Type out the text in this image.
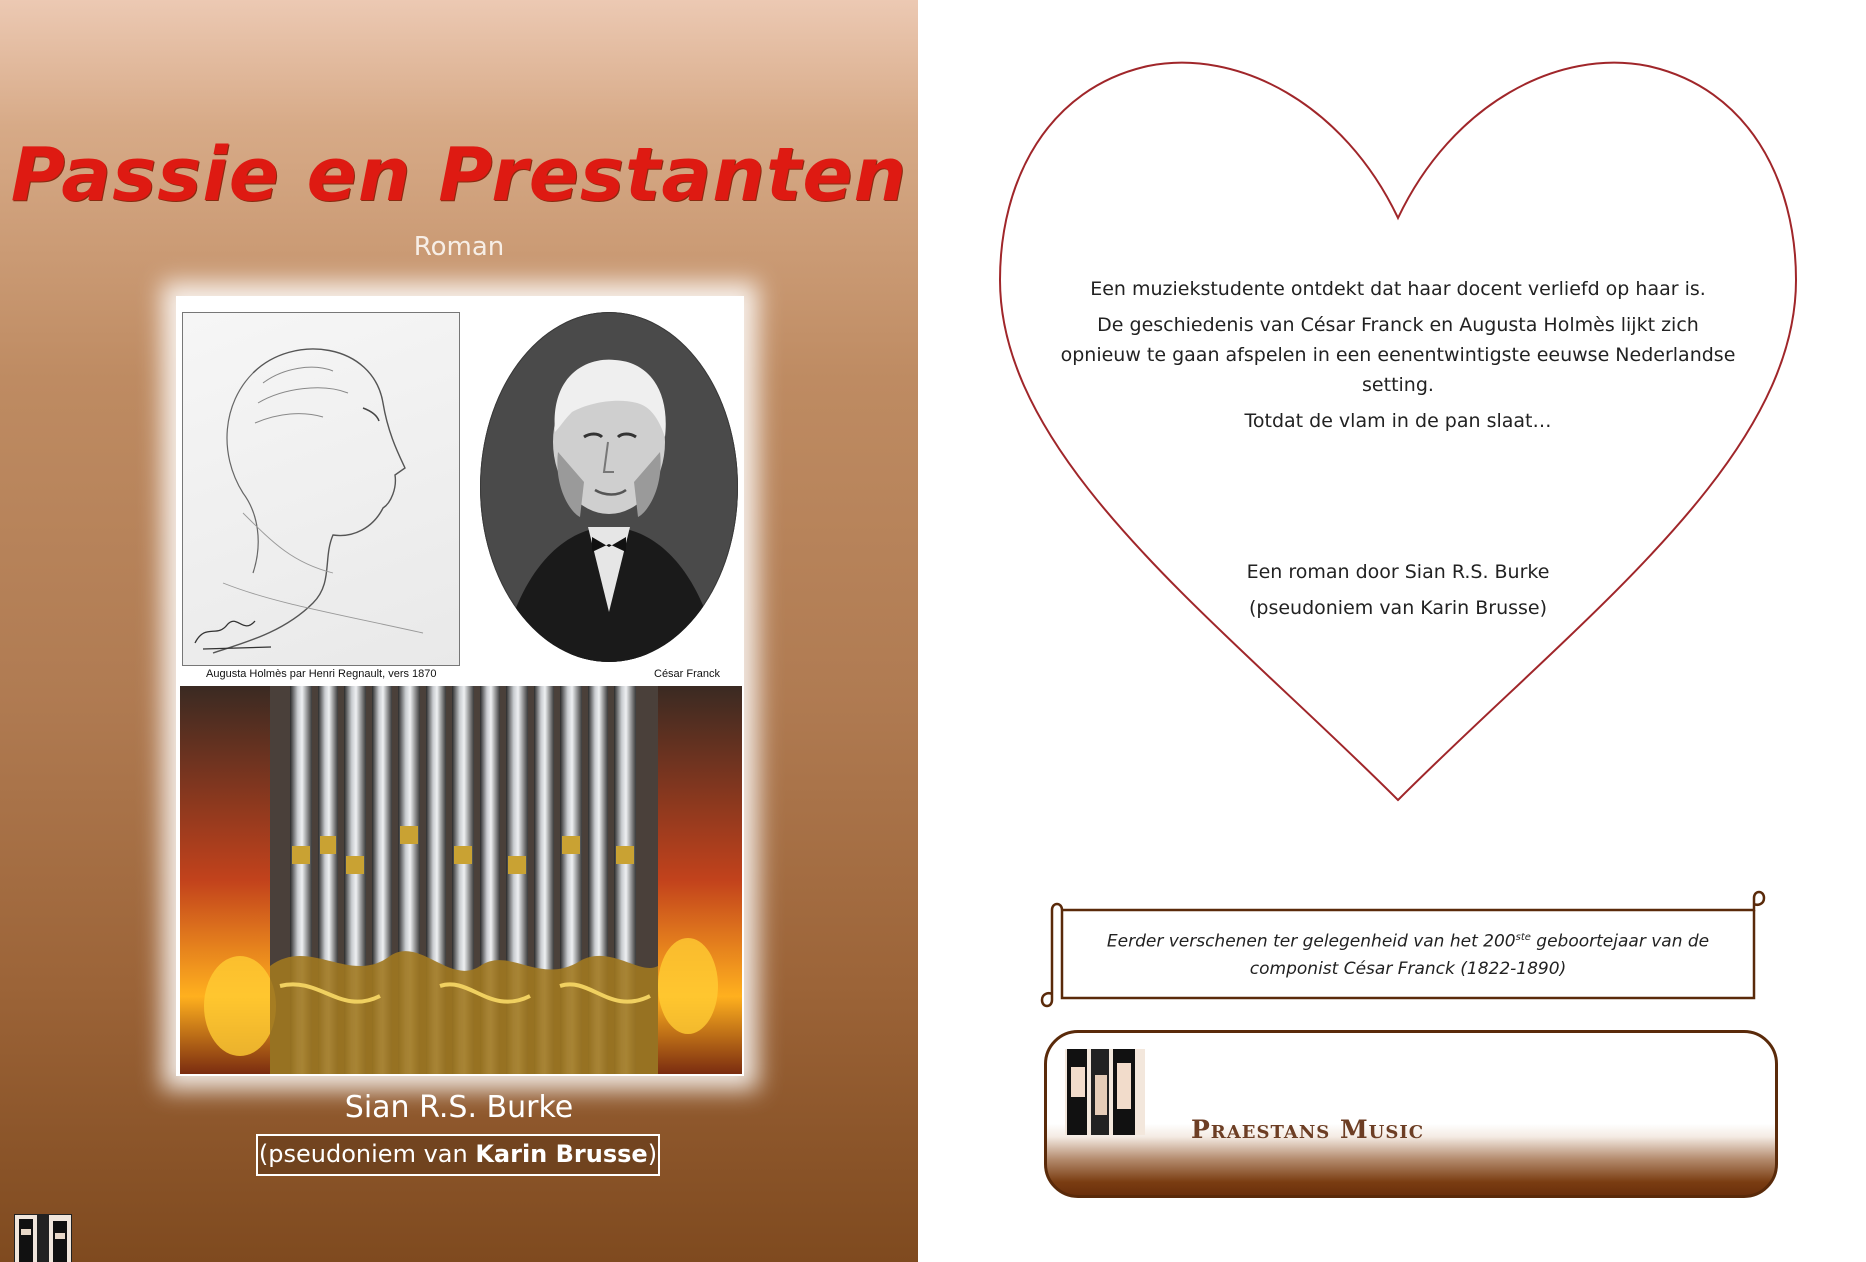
Passie en Prestanten
Roman
Augusta Holmès par Henri Regnault, vers 1870	César Franck
Sian R.S. Burke
(pseudoniem van Karin Brusse)

Een muziekstudente ontdekt dat haar docent verliefd op haar is.

De geschiedenis van César Franck en Augusta Holmès lijkt zich opnieuw te gaan afspelen in een eenentwintigste eeuwse Nederlandse setting.

Totdat de vlam in de pan slaat…

Een roman door Sian R.S. Burke
(pseudoniem van Karin Brusse)
Eerder verschenen ter gelegenheid van het 200ste geboortejaar van de
componist César Franck (1822-1890)
Praestans Music
